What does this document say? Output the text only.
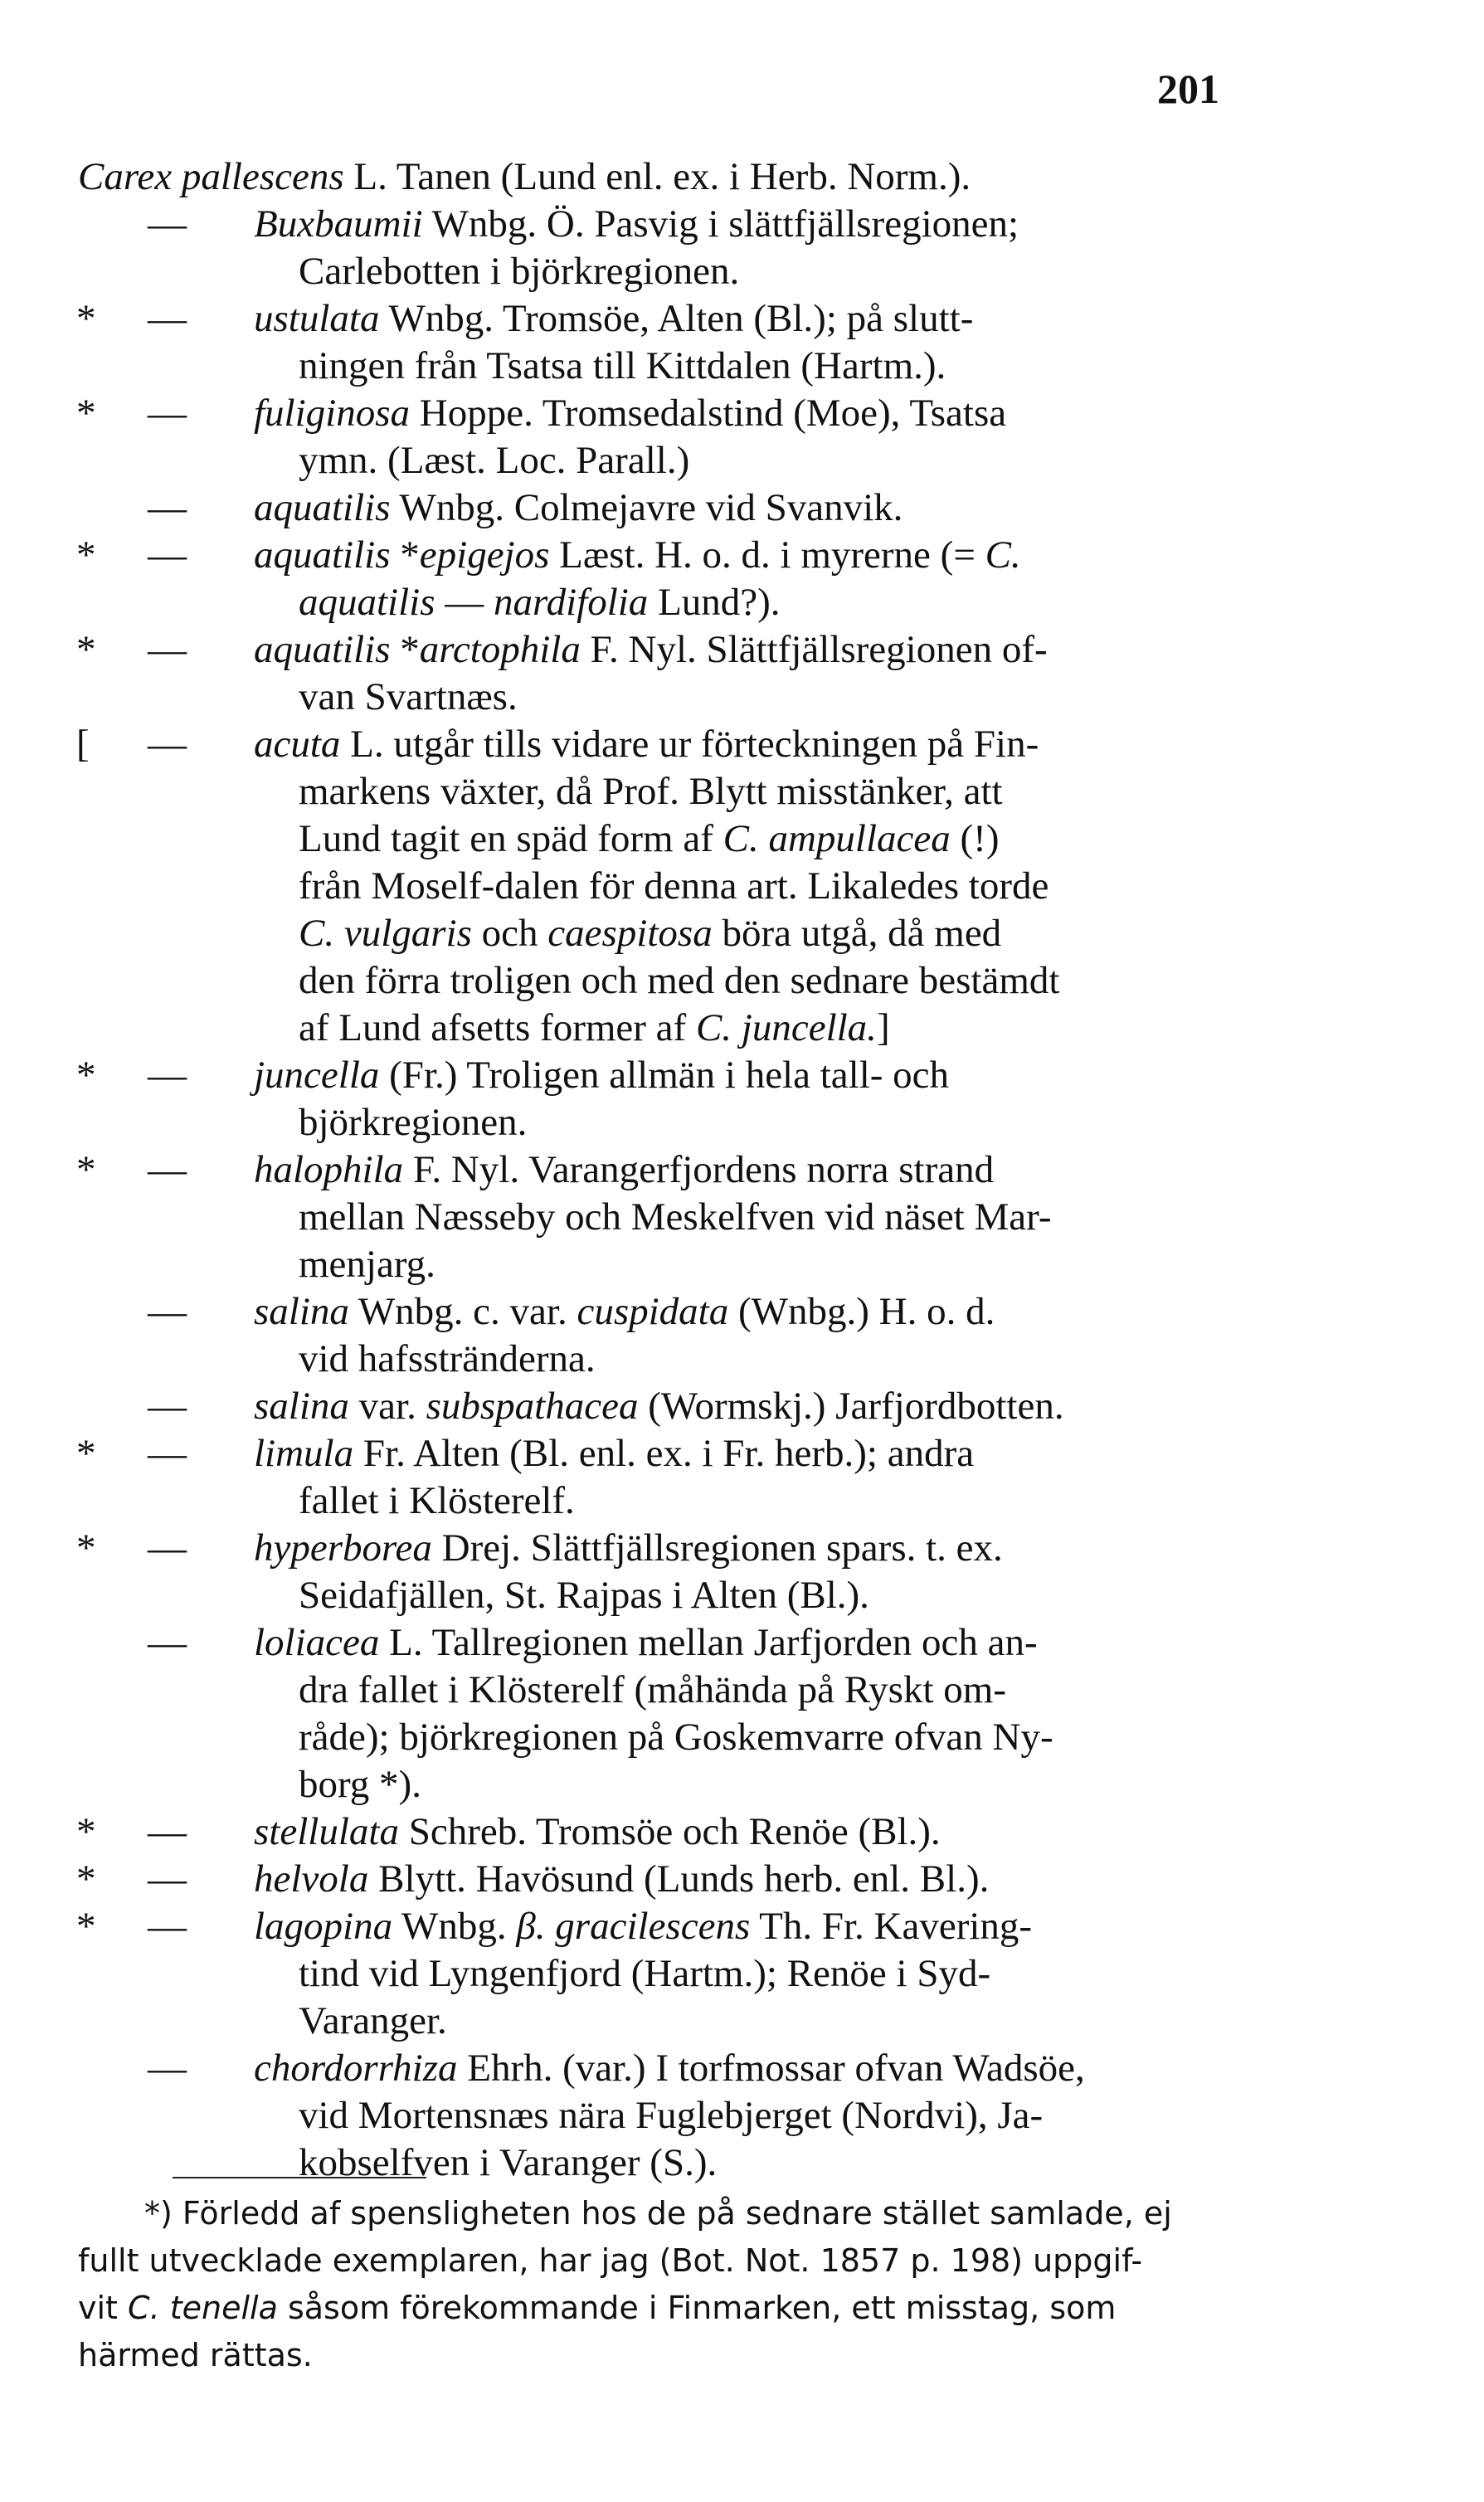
201
Carex pallescens L. Tanen (Lund enl. ex. i Herb. Norm.).
— Buxbaumii Wnbg. Ö. Pasvig i slättfjällsregionen;
Carlebotten i björkregionen.
*	— ustulata Wnbg. Tromsöe, Alten (Bl.); på slutt-
ningen från Tsatsa till Kittdalen (Hartm.).
*	— fuliginosa Hoppe. Tromsedalstind (Moe), Tsatsa
ymn. (Læst. Loc. Parall.)
— aquatilis Wnbg. Colmejavre vid Svanvik.
*	— aquatilis *epigejos Læst. H. o. d. i myrerne (= C.
aquatilis — nardifolia Lund?).
*	— aquatilis *arctophila F. Nyl. Slättfjällsregionen of-
van Svartnæs.
[	— acuta L. utgår tills vidare ur förteckningen på Fin-
markens växter, då Prof. Blytt misstänker, att
Lund tagit en späd form af C. ampullacea (!)
från Moself-dalen för denna art. Likaledes torde
C. vulgaris och caespitosa böra utgå, då med
den förra troligen och med den sednare bestämdt
af Lund afsetts former af C. juncella.]
*	— juncella (Fr.) Troligen allmän i hela tall- och
björkregionen.
*	— halophila F. Nyl. Varangerfjordens norra strand
mellan Næsseby och Meskelfven vid näset Mar-
menjarg.
— salina Wnbg. c. var. cuspidata (Wnbg.) H. o. d.
vid hafsstränderna.
— salina var. subspathacea (Wormskj.) Jarfjordbotten.
*	— limula Fr. Alten (Bl. enl. ex. i Fr. herb.); andra
fallet i Klösterelf.
*	— hyperborea Drej. Slättfjällsregionen spars. t. ex.
Seidafjällen, St. Rajpas i Alten (Bl.).
— loliacea L. Tallregionen mellan Jarfjorden och an-
dra fallet i Klösterelf (måhända på Ryskt om-
råde); björkregionen på Goskemvarre ofvan Ny-
borg *).
*	— stellulata Schreb. Tromsöe och Renöe (Bl.).
*	— helvola Blytt. Havösund (Lunds herb. enl. Bl.).
*	— lagopina Wnbg. β. gracilescens Th. Fr. Kavering-
tind vid Lyngenfjord (Hartm.); Renöe i Syd-
Varanger.
— chordorrhiza Ehrh. (var.) I torfmossar ofvan Wadsöe,
vid Mortensnæs nära Fuglebjerget (Nordvi), Ja-
kobselfven i Varanger (S.).
*) Förledd af spensligheten hos de på sednare stället samlade, ej
fullt utvecklade exemplaren, har jag (Bot. Not. 1857 p. 198) uppgif-
vit C. tenella såsom förekommande i Finmarken, ett misstag, som
härmed rättas.
